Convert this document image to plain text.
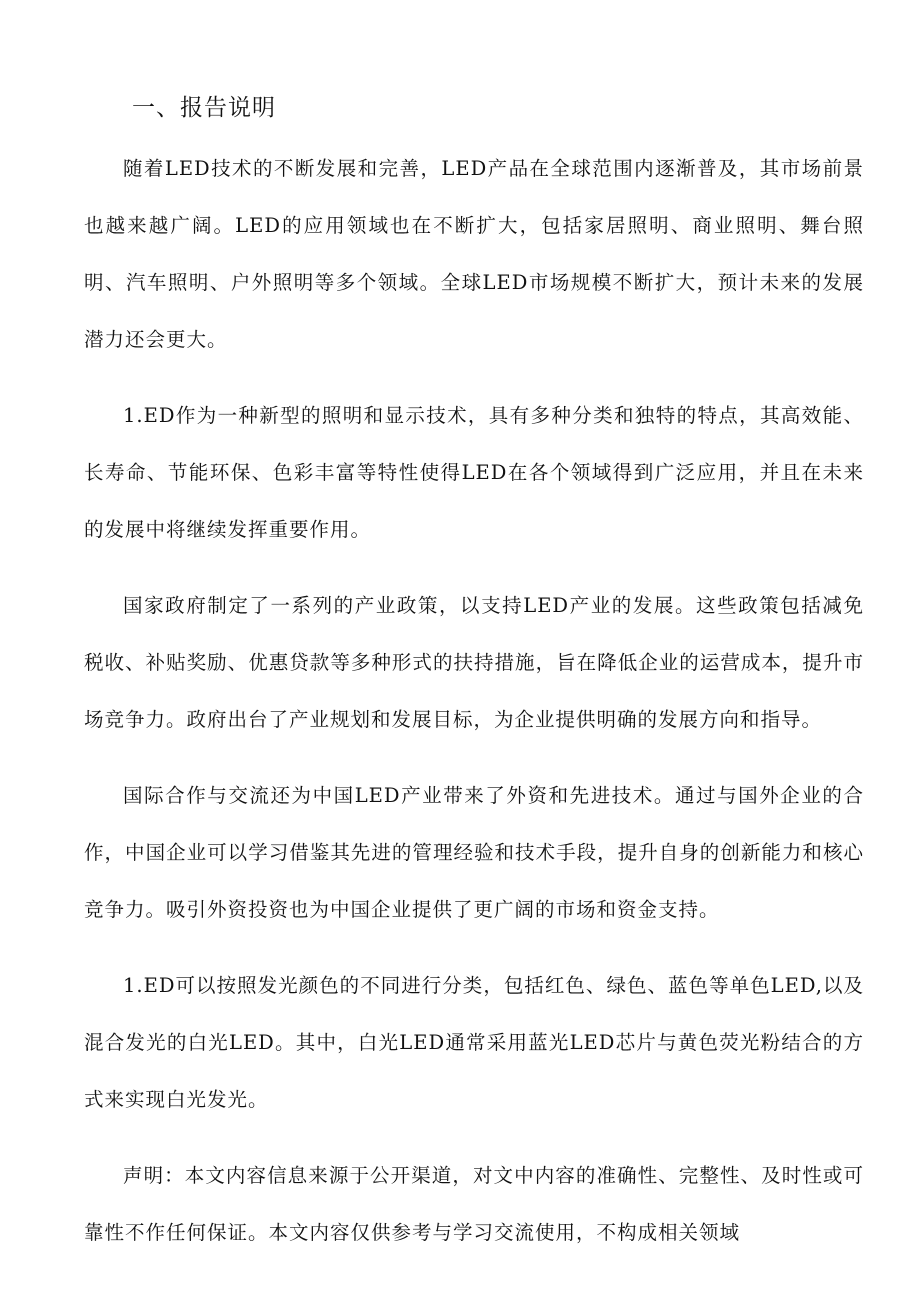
一、报告说明

随着LED技术的不断发展和完善，LED产品在全球范围内逐渐普及，其市场前景也越来越广阔。LED的应用领域也在不断扩大，包括家居照明、商业照明、舞台照明、汽车照明、户外照明等多个领域。全球LED市场规模不断扩大，预计未来的发展潜力还会更大。

1.ED作为一种新型的照明和显示技术，具有多种分类和独特的特点，其高效能、长寿命、节能环保、色彩丰富等特性使得LED在各个领域得到广泛应用，并且在未来的发展中将继续发挥重要作用。

国家政府制定了一系列的产业政策，以支持LED产业的发展。这些政策包括减免税收、补贴奖励、优惠贷款等多种形式的扶持措施，旨在降低企业的运营成本，提升市场竞争力。政府出台了产业规划和发展目标，为企业提供明确的发展方向和指导。

国际合作与交流还为中国LED产业带来了外资和先进技术。通过与国外企业的合作，中国企业可以学习借鉴其先进的管理经验和技术手段，提升自身的创新能力和核心竞争力。吸引外资投资也为中国企业提供了更广阔的市场和资金支持。

1.ED可以按照发光颜色的不同进行分类，包括红色、绿色、蓝色等单色LED,以及混合发光的白光LED。其中，白光LED通常采用蓝光LED芯片与黄色荧光粉结合的方式来实现白光发光。

声明：本文内容信息来源于公开渠道，对文中内容的准确性、完整性、及时性或可靠性不作任何保证。本文内容仅供参考与学习交流使用，不构成相关领域
